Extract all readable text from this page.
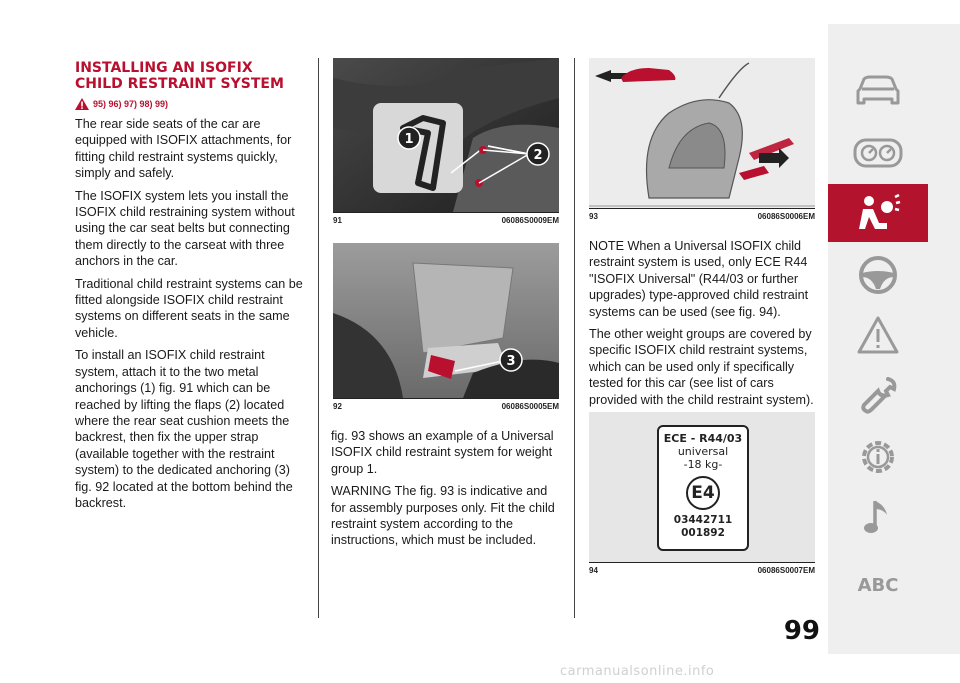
INSTALLING AN ISOFIX CHILD RESTRAINT SYSTEM
95) 96) 97) 98) 99)

The rear side seats of the car are equipped with ISOFIX attachments, for fitting child restraint systems quickly, simply and safely.

The ISOFIX system lets you install the ISOFIX child restraining system without using the car seat belts but connecting them directly to the carseat with three anchors in the car.

Traditional child restraint systems can be fitted alongside ISOFIX child restraint systems on different seats in the same vehicle.

To install an ISOFIX child restraint system, attach it to the two metal anchorings (1) fig. 91 which can be reached by lifting the flaps (2) located where the rear seat cushion meets the backrest, then fix the upper strap (available together with the restraint system) to the dedicated anchoring (3) fig. 92 located at the bottom behind the backrest.

1
2
91	06086S0009EM
3
92	06086S0005EM

fig. 93 shows an example of a Universal ISOFIX child restraint system for weight group 1.

WARNING The fig. 93 is indicative and for assembly purposes only. Fit the child restraint system according to the instructions, which must be included.

93	06086S0006EM

NOTE When a Universal ISOFIX child restraint system is used, only ECE R44 "ISOFIX Universal" (R44/03 or further upgrades) type-approved child restraint systems can be used (see fig. 94).

The other weight groups are covered by specific ISOFIX child restraint systems, which can be used only if specifically tested for this car (see list of cars provided with the child restraint system).

ECE - R44/03
universal
-18 kg-
E4
03442711
001892
94	06086S0007EM
ABC
99
carmanualsonline.info
